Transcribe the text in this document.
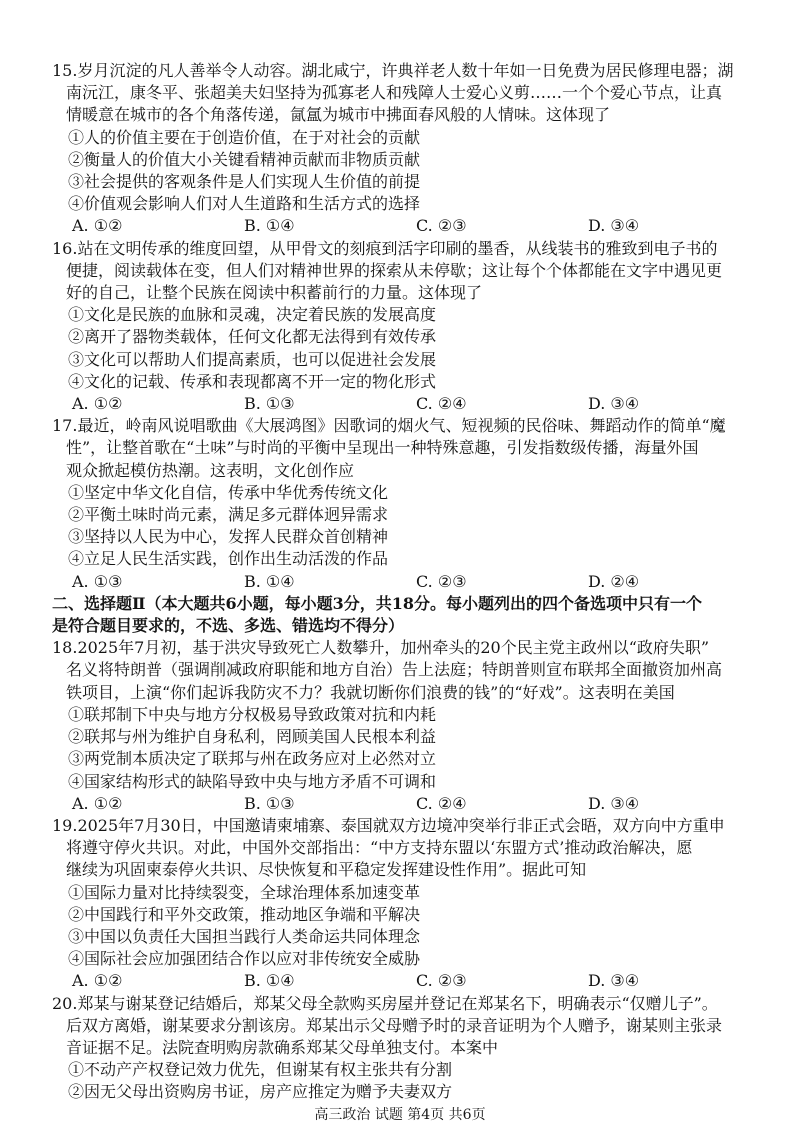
15.岁月沉淀的凡人善举令人动容。湖北咸宁，许典祥老人数十年如一日免费为居民修理电器；湖
南沅江，康冬平、张超美夫妇坚持为孤寡老人和残障人士爱心义剪……一个个爱心节点，让真
情暖意在城市的各个角落传递，氤氲为城市中拂面春风般的人情味。这体现了
①人的价值主要在于创造价值，在于对社会的贡献
②衡量人的价值大小关键看精神贡献而非物质贡献
③社会提供的客观条件是人们实现人生价值的前提
④价值观会影响人们对人生道路和生活方式的选择
A. ①②	B. ①④	C. ②③	D. ③④
16.站在文明传承的维度回望，从甲骨文的刻痕到活字印刷的墨香，从线装书的雅致到电子书的
便捷，阅读载体在变，但人们对精神世界的探索从未停歇；这让每个个体都能在文字中遇见更
好的自己，让整个民族在阅读中积蓄前行的力量。这体现了
①文化是民族的血脉和灵魂，决定着民族的发展高度
②离开了器物类载体，任何文化都无法得到有效传承
③文化可以帮助人们提高素质，也可以促进社会发展
④文化的记载、传承和表现都离不开一定的物化形式
A. ①②	B. ①③	C. ②④	D. ③④
17.最近，岭南风说唱歌曲《大展鸿图》因歌词的烟火气、短视频的民俗味、舞蹈动作的简单“魔
性”，让整首歌在“土味”与时尚的平衡中呈现出一种特殊意趣，引发指数级传播，海量外国
观众掀起模仿热潮。这表明，文化创作应
①坚定中华文化自信，传承中华优秀传统文化
②平衡土味时尚元素，满足多元群体迥异需求
③坚持以人民为中心，发挥人民群众首创精神
④立足人民生活实践，创作出生动活泼的作品
A. ①③	B. ①④	C. ②③	D. ②④
二、选择题Ⅱ（本大题共6小题，每小题3分，共18分。每小题列出的四个备选项中只有一个
是符合题目要求的，不选、多选、错选均不得分）
18.2025年7月初，基于洪灾导致死亡人数攀升，加州牵头的20个民主党主政州以“政府失职”
名义将特朗普（强调削减政府职能和地方自治）告上法庭；特朗普则宣布联邦全面撤资加州高
铁项目，上演“你们起诉我防灾不力？我就切断你们浪费的钱”的“好戏”。这表明在美国
①联邦制下中央与地方分权极易导致政策对抗和内耗
②联邦与州为维护自身私利，罔顾美国人民根本利益
③两党制本质决定了联邦与州在政务应对上必然对立
④国家结构形式的缺陷导致中央与地方矛盾不可调和
A. ①②	B. ①③	C. ②④	D. ③④
19.2025年7月30日，中国邀请柬埔寨、泰国就双方边境冲突举行非正式会晤，双方向中方重申
将遵守停火共识。对此，中国外交部指出：“中方支持东盟以‘东盟方式’推动政治解决，愿
继续为巩固柬泰停火共识、尽快恢复和平稳定发挥建设性作用”。据此可知
①国际力量对比持续裂变，全球治理体系加速变革
②中国践行和平外交政策，推动地区争端和平解决
③中国以负责任大国担当践行人类命运共同体理念
④国际社会应加强团结合作以应对非传统安全威胁
A. ①②	B. ①④	C. ②③	D. ③④
20.郑某与谢某登记结婚后，郑某父母全款购买房屋并登记在郑某名下，明确表示“仅赠儿子”。
后双方离婚，谢某要求分割该房。郑某出示父母赠予时的录音证明为个人赠予，谢某则主张录
音证据不足。法院查明购房款确系郑某父母单独支付。本案中
①不动产产权登记效力优先，但谢某有权主张共有分割
②因无父母出资购房书证，房产应推定为赠予夫妻双方
高三政治 试题 第4页 共6页
